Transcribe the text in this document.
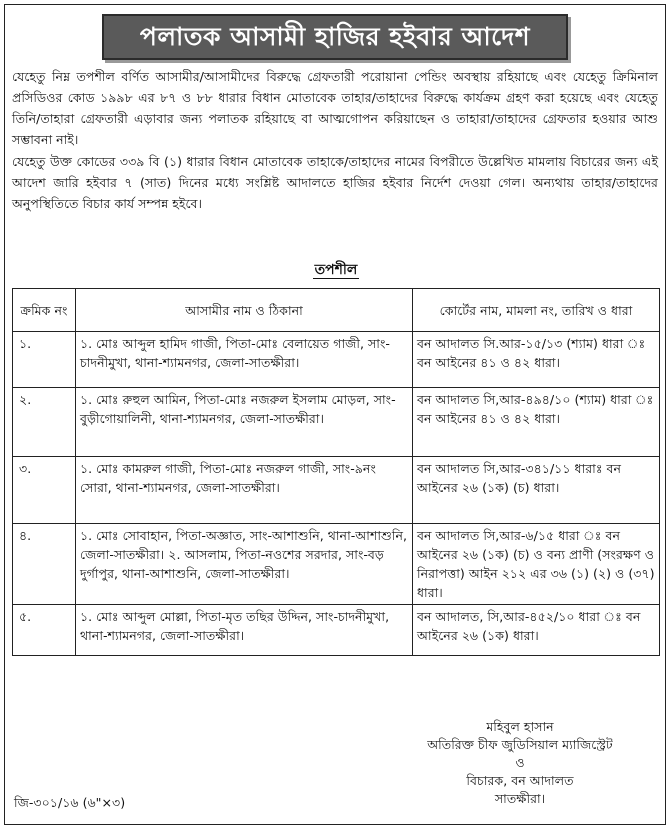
পলাতক আসামী হাজির হইবার আদেশ
যেহেতু নিম্ন তপশীল বর্ণিত আসামীর/আসামীদের বিরুদ্ধে গ্রেফতারী পরোয়ানা পেন্ডিং অবস্থায় রহিয়াছে এবং যেহেতু ক্রিমিনাল প্রসিডিওর কোড ১৯৯৮ এর ৮৭ ও ৮৮ ধারার বিধান মোতাবেক তাহার/তাহাদের বিরুদ্ধে কার্যক্রম গ্রহণ করা হয়েছে এবং যেহেতু তিনি/তাহারা গ্রেফতারী এড়াবার জন্য পলাতক রহিয়াছে বা আত্মগোপন করিয়াছেন ও তাহারা/তাহাদের গ্রেফতার হওয়ার আশু সম্ভাবনা নাই।
যেহেতু উক্ত কোডের ৩৩৯ বি (১) ধারার বিধান মোতাবেক তাহাকে/তাহাদের নামের বিপরীতে উল্লেখিত মামলায় বিচারের জন্য এই আদেশ জারি হইবার ৭ (সাত) দিনের মধ্যে সংশ্লিষ্ট আদালতে হাজির হইবার নির্দেশ দেওয়া গেল। অন্যথায় তাহার/তাহাদের অনুপস্থিতিতে বিচার কার্য সম্পন্ন হইবে।
তপশীল
ক্রমিক নং	আসামীর নাম ও ঠিকানা	কোর্টের নাম, মামলা নং, তারিখ ও ধারা
১.	১. মোঃ আব্দুল হামিদ গাজী, পিতা-মোঃ বেলায়েত গাজী, সাং-চাদনীমুখা, থানা-শ্যামনগর, জেলা-সাতক্ষীরা।	বন আদালত সি.আর-১৫/১৩ (শ্যাম) ধারা ঃ বন আইনের ৪১ ও ৪২ ধারা।
২.	১. মোঃ রুহুল আমিন, পিতা-মোঃ নজরুল ইসলাম মোড়ল, সাং-বুড়ীগোয়ালিনী, থানা-শ্যামনগর, জেলা-সাতক্ষীরা।	বন আদালত সি,আর-৪৯৪/১০ (শ্যাম) ধারা ঃ বন আইনের ৪১ ও ৪২ ধারা।
৩.	১. মোঃ কামরুল গাজী, পিতা-মোঃ নজরুল গাজী, সাং-৯নং সোরা, থানা-শ্যামনগর, জেলা-সাতক্ষীরা।	বন আদালত সি,আর-৩৪১/১১ ধারাঃ বন আইনের ২৬ (১ক) (চ) ধারা।
৪.	১. মোঃ সোবাহান, পিতা-অজ্ঞাত, সাং-আশাশুনি, থানা-আশাশুনি, জেলা-সাতক্ষীরা। ২. আসলাম, পিতা-নওশের সরদার, সাং-বড় দুর্গাপুর, থানা-আশাশুনি, জেলা-সাতক্ষীরা।	বন আদালত সি,আর-৬/১৫ ধারা ঃ বন আইনের ২৬ (১ক) (চ) ও বন্য প্রাণী (সংরক্ষণ ও নিরাপত্তা) আইন ২১২ এর ৩৬ (১) (২) ও (৩৭) ধারা।
৫.	১. মোঃ আব্দুল মোল্লা, পিতা-মৃত তছির উদ্দিন, সাং-চাদনীমুখা, থানা-শ্যামনগর, জেলা-সাতক্ষীরা।	বন আদালত, সি,আর-৪৫২/১০ ধারা ঃ বন আইনের ২৬ (১ক) ধারা।
মহিবুল হাসান
অতিরিক্ত চীফ জুডিসিয়াল ম্যাজিস্ট্রেট
ও
বিচারক, বন আদালত
সাতক্ষীরা।
জি-৩০১/১৬ (৬"×৩)
